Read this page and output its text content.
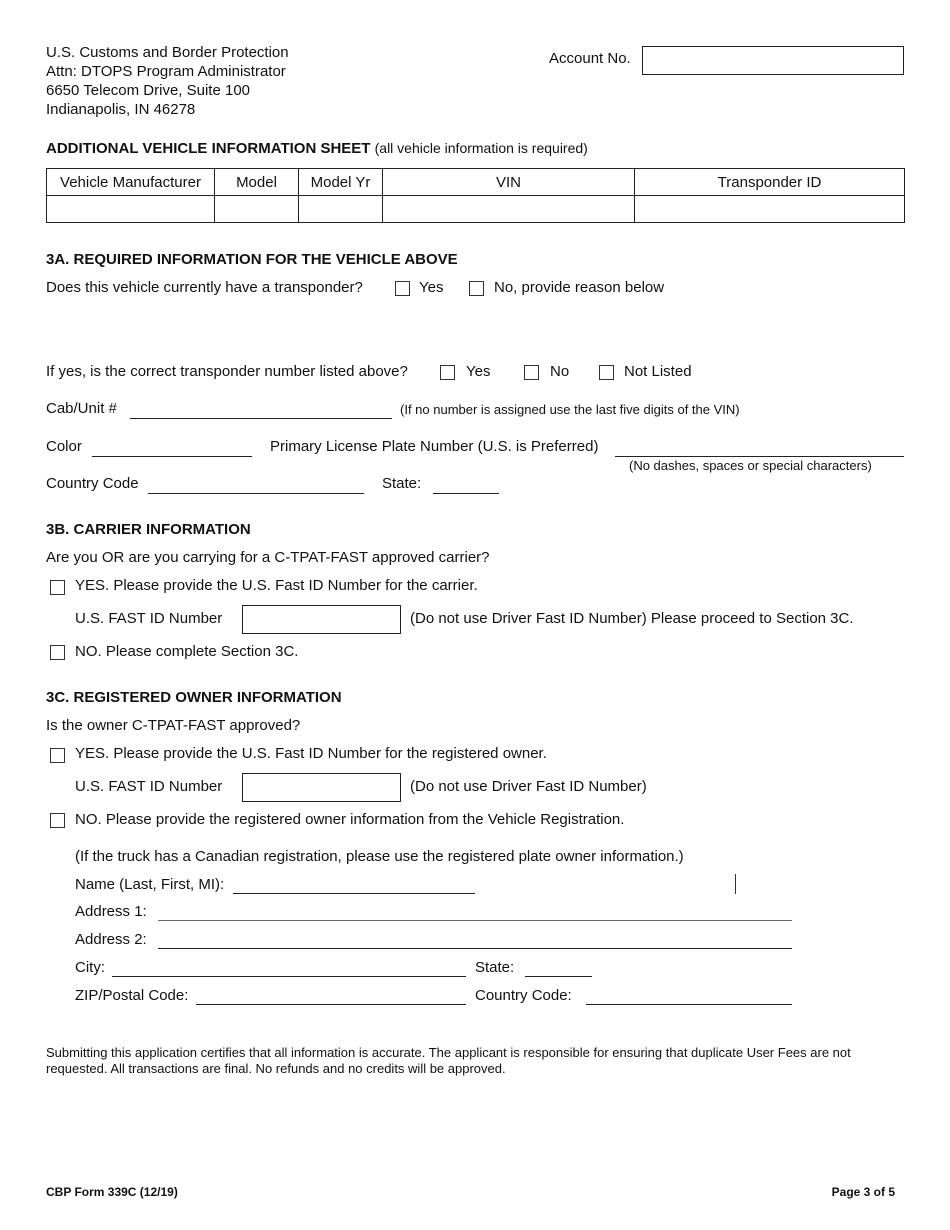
U.S. Customs and Border Protection
Attn: DTOPS Program Administrator
6650 Telecom Drive, Suite 100
Indianapolis, IN 46278
Account No.
ADDITIONAL VEHICLE INFORMATION SHEET (all vehicle information is required)
Vehicle Manufacturer	Model	Model Yr	VIN	Transponder ID

3A. REQUIRED INFORMATION FOR THE VEHICLE ABOVE
Does this vehicle currently have a transponder?	Yes	No, provide reason below
If yes, is the correct transponder number listed above?	Yes	No	Not Listed
Cab/Unit #	(If no number is assigned use the last five digits of the VIN)
Color	Primary License Plate Number (U.S. is Preferred)
(No dashes, spaces or special characters)
Country Code	State:
3B. CARRIER INFORMATION
Are you OR are you carrying for a C-TPAT-FAST approved carrier?
YES. Please provide the U.S. Fast ID Number for the carrier.
U.S. FAST ID Number	(Do not use Driver Fast ID Number) Please proceed to Section 3C.
NO. Please complete Section 3C.
3C. REGISTERED OWNER INFORMATION
Is the owner C-TPAT-FAST approved?
YES. Please provide the U.S. Fast ID Number for the registered owner.
U.S. FAST ID Number	(Do not use Driver Fast ID Number)
NO. Please provide the registered owner information from the Vehicle Registration.
(If the truck has a Canadian registration, please use the registered plate owner information.)
Name (Last, First, MI):
Address 1:
Address 2:
City:	State:
ZIP/Postal Code:	Country Code:
Submitting this application certifies that all information is accurate. The applicant is responsible for ensuring that duplicate User Fees are not requested. All transactions are final. No refunds and no credits will be approved.
CBP Form 339C (12/19)	Page 3 of 5
